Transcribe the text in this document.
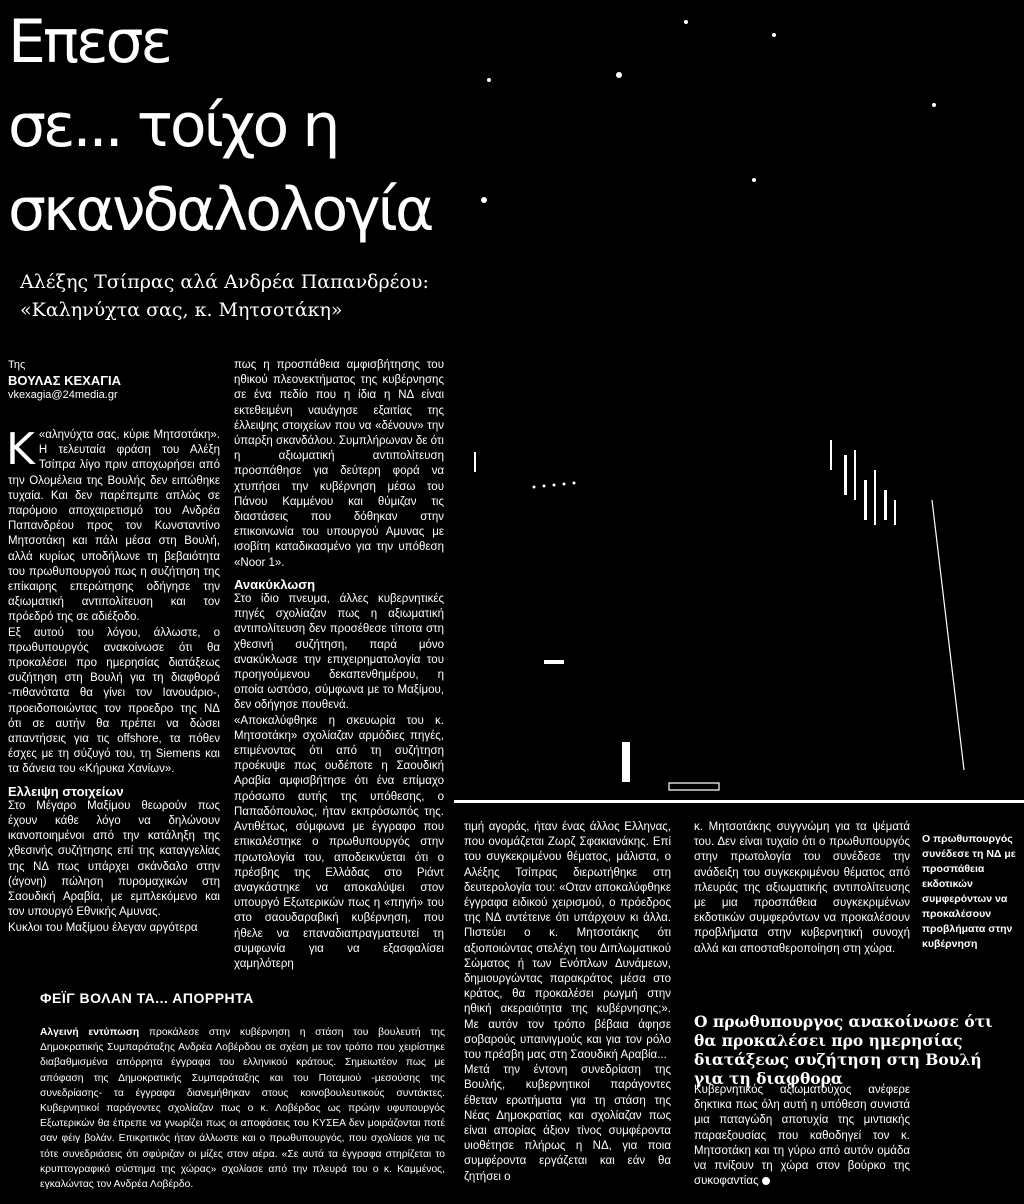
Επεσε
σε... τοίχο η
σκανδαλολογία
Αλέξης Τσίπρας αλά Ανδρέα Παπανδρέου:
«Καληνύχτα σας, κ. Μητσοτάκη»
Της
ΒΟΥΛΑΣ ΚΕΧΑΓΙΑ
vkexagia@24media.gr

«
Κ αληνύχτα σας, κύριε Μητσοτάκη». Η τελευταία φράση του Αλέξη Τσίπρα λίγο πριν αποχωρήσει από την Ολομέλεια της Βουλής δεν ειπώθηκε τυχαία. Και δεν παρέπεμπε απλώς σε παρόμοιο αποχαιρετισμό του Ανδρέα Παπανδρέου προς τον Κωνσταντίνο Μητσοτάκη και πάλι μέσα στη Βουλή, αλλά κυρίως υποδήλωνε τη βεβαιότητα του πρωθυπουργού πως η συζήτηση της επίκαιρης επερώτησης οδήγησε την αξιωματική αντιπολίτευση και τον πρόεδρό της σε αδιέξοδο.

Εξ αυτού του λόγου, άλλωστε, ο πρωθυπουργός ανακοίνωσε ότι θα προκαλέσει προ ημερησίας διατάξεως συζήτηση στη Βουλή για τη διαφθορά -πιθανότατα θα γίνει τον Ιανουάριο-, προειδοποιώντας τον προεδρο της ΝΔ ότι σε αυτήν θα πρέπει να δώσει απαντήσεις για τις offshore, τα πόθεν έσχες με τη σύζυγό του, τη Siemens και τα δάνεια του «Κήρυκα Χανίων».

Ελλειψη στοιχείων

Στο Μέγαρο Μαξίμου θεωρούν πως έχουν κάθε λόγο να δηλώνουν ικανοποιημένοι από την κατάληξη της χθεσινής συζήτησης επί της καταγγελίας της ΝΔ πως υπάρχει σκάνδαλο στην (άγονη) πώληση πυρομαχικών στη Σαουδική Αραβία, με εμπλεκόμενο και τον υπουργό Εθνικής Αμυνας.

Κυκλοι του Μαξίμου έλεγαν αργότερα

πως η προσπάθεια αμφισβήτησης του ηθικού πλεονεκτήματος της κυβέρνησης σε ένα πεδίο που η ίδια η ΝΔ είναι εκτεθειμένη ναυάγησε εξαιτίας της έλλειψης στοιχείων που να «δένουν» την ύπαρξη σκανδάλου. Συμπλήρωναν δε ότι η αξιωματική αντιπολίτευση προσπάθησε για δεύτερη φορά να χτυπήσει την κυβέρνηση μέσω του Πάνου Καμμένου και θύμιζαν τις διαστάσεις που δόθηκαν στην επικοινωνία του υπουργού Αμυνας με ισοβίτη καταδικασμένο για την υπόθεση «Noor 1».

Ανακύκλωση

Στο ίδιο πνευμα, άλλες κυβερνητικές πηγές σχολίαζαν πως η αξιωματική αντιπολίτευση δεν προσέθεσε τίποτα στη χθεσινή συζήτηση, παρά μόνο ανακύκλωσε την επιχειρηματολογία του προηγούμενου δεκαπενθημέρου, η οποία ωστόσο, σύμφωνα με το Μαξίμου, δεν οδήγησε πουθενά.

«Αποκαλύφθηκε η σκευωρία του κ. Μητσοτάκη» σχολίαζαν αρμόδιες πηγές, επιμένοντας ότι από τη συζήτηση προέκυψε πως ουδέποτε η Σαουδική Αραβία αμφισβήτησε ότι ένα επίμαχο πρόσωπο αυτής της υπόθεσης, ο Παπαδόπουλος, ήταν εκπρόσωπός της. Αντιθέτως, σύμφωνα με έγγραφο που επικαλέστηκε ο πρωθυπουργός στην πρωτολογία του, αποδεικνύεται ότι ο πρέσβης της Ελλάδας στο Ριάντ αναγκάστηκε να αποκαλύψει στον υπουργό Εξωτερικών πως η «πηγή» του στο σαουδαραβική κυβέρνηση, που ήθελε να επαναδιαπραγματευτεί τη συμφωνία για να εξασφαλίσει χαμηλότερη

τιμή αγοράς, ήταν ένας άλλος Ελληνας, που ονομάζεται Ζωρζ Σφακιανάκης. Επί του συγκεκριμένου θέματος, μάλιστα, ο Αλέξης Τσίπρας διερωτήθηκε στη δευτερολογία του: «Οταν αποκαλύφθηκε έγγραφα ειδικού χειρισμού, ο πρόεδρος της ΝΔ αντέτεινε ότι υπάρχουν κι άλλα. Πιστεύει ο κ. Μητσοτάκης ότι αξιοποιώντας στελέχη του Διπλωματικού Σώματος ή των Ενόπλων Δυνάμεων, δημιουργώντας παρακράτος μέσα στο κράτος, θα προκαλέσει ρωγμή στην ηθική ακεραιότητα της κυβέρνησης;». Με αυτόν τον τρόπο βέβαια άφησε σοβαρούς υπαινιγμούς και για τον ρόλο του πρέσβη μας στη Σαουδική Αραβία...

Μετά την έντονη συνεδρίαση της Βουλής, κυβερνητικοί παράγοντες έθεταν ερωτήματα για τη στάση της Νέας Δημοκρατίας και σχολίαζαν πως είναι απορίας άξιον τίνος συμφέροντα υιοθέτησε πλήρως η ΝΔ, για ποια συμφέροντα εργάζεται και εάν θα ζητήσει ο

κ. Μητσοτάκης συγγνώμη για τα ψέματά του. Δεν είναι τυχαίο ότι ο πρωθυπουργός στην πρωτολογία του συνέδεσε την ανάδειξη του συγκεκριμένου θέματος από πλευράς της αξιωματικής αντιπολίτευσης με μια προσπάθεια συγκεκριμένων εκδοτικών συμφερόντων να προκαλέσουν προβλήματα στην κυβερνητική συνοχή αλλά και αποσταθεροποίηση στη χώρα.

Ο πρωθυπουργός συνέδεσε τη ΝΔ με προσπάθεια εκδοτικών συμφερόντων να προκαλέσουν προβλήματα στην κυβέρνηση
Ο πρωθυπουργος ανακοίνωσε ότι θα προκαλέσει προ ημερησίας διατάξεως συζήτηση στη Βουλή για τη διαφθορα

Κυβερνητικός αξιωματούχος ανέφερε δηκτικα πως όλη αυτή η υπόθεση συνιστά μια παταγώδη αποτυχία της μιντιακής παραεξουσίας που καθοδηγεί τον κ. Μητσοτάκη και τη γύρω από αυτόν ομάδα να πνίξουν τη χώρα στον βούρκο της συκοφαντίας

ΦΕΪΓ ΒΟΛΑΝ ΤΑ... ΑΠΟΡΡΗΤΑ
Αλγεινή εντύπωση προκάλεσε στην κυβέρνηση η στάση του βουλευτή της Δημοκρατικής Συμπαράταξης Ανδρέα Λοβέρδου σε σχέση με τον τρόπο που χειρίστηκε διαβαθμισμένα απόρρητα έγγραφα του ελληνικού κράτους. Σημειωτέον πως με απόφαση της Δημοκρατικής Συμπαράταξης και του Ποταμιού -μεσούσης της συνεδρίασης- τα έγγραφα διανεμήθηκαν στους κοινοβουλευτικούς συντάκτες. Κυβερνητικοί παράγοντες σχολίαζαν πως ο κ. Λοβέρδος ως πρώην υφυπουργός Εξωτερικών θα έπρεπε να γνωρίζει πως οι αποφάσεις του ΚΥΣΕΑ δεν μοιράζονται ποτέ σαν φέιγ βολάν. Επικριτικός ήταν άλλωστε και ο πρωθυπουργός, που σχολίασε για τις τότε συνεδριάσεις ότι σφύριζαν οι μίζες στον αέρα. «Σε αυτά τα έγγραφα στηρίζεται το κρυπτογραφικό σύστημα της χώρας» σχολίασε από την πλευρά του ο κ. Καμμένος, εγκαλώντας τον Ανδρέα Λοβέρδο.
